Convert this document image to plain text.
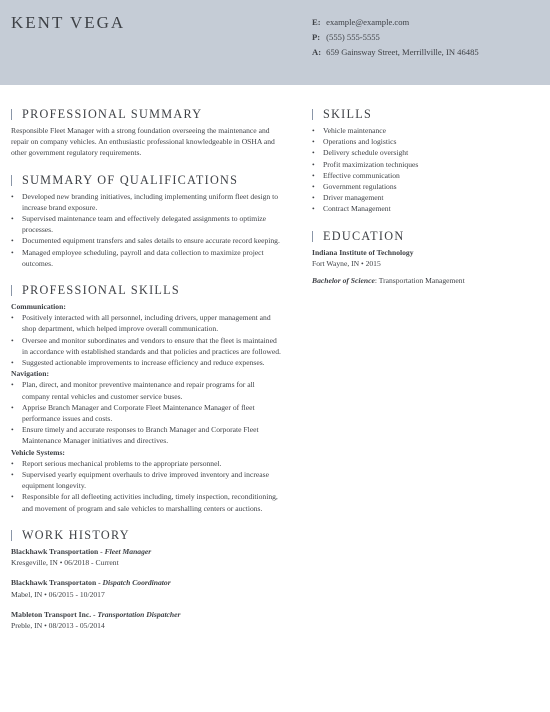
KENT VEGA	E: example@example.com
P: (555) 555-5555
A: 659 Gainsway Street, Merrillville, IN 46485
PROFESSIONAL SUMMARY

Responsible Fleet Manager with a strong foundation overseeing the maintenance and repair on company vehicles. An enthusiastic professional knowledgeable in OSHA and other government regulatory requirements.

SUMMARY OF QUALIFICATIONS
• Developed new branding initiatives, including implementing uniform fleet design to increase brand exposure.
• Supervised maintenance team and effectively delegated assignments to optimize processes.
• Documented equipment transfers and sales details to ensure accurate record keeping.
• Managed employee scheduling, payroll and data collection to maximize project outcomes.
PROFESSIONAL SKILLS
Communication:
• Positively interacted with all personnel, including drivers, upper management and shop department, which helped improve overall communication.
• Oversee and monitor subordinates and vendors to ensure that the fleet is maintained in accordance with established standards and that policies and practices are followed.
• Suggested actionable improvements to increase efficiency and reduce expenses.
Navigation:
• Plan, direct, and monitor preventive maintenance and repair programs for all company rental vehicles and customer service buses.
• Apprise Branch Manager and Corporate Fleet Maintenance Manager of fleet performance issues and costs.
• Ensure timely and accurate responses to Branch Manager and Corporate Fleet Maintenance Manager initiatives and directives.
Vehicle Systems:
• Report serious mechanical problems to the appropriate personnel.
• Supervised yearly equipment overhauls to drive improved inventory and increase equipment longevity.
• Responsible for all defleeting activities including, timely inspection, reconditioning, and movement of program and sale vehicles to marshalling centers or auctions.
WORK HISTORY
Blackhawk Transportation - Fleet Manager
Kresgeville, IN • 06/2018 - Current
Blackhawk Transportaton - Dispatch Coordinator
Mabel, IN • 06/2015 - 10/2017
Mableton Transport Inc. - Transportation Dispatcher
Preble, IN • 08/2013 - 05/2014
SKILLS
• Vehicle maintenance
• Operations and logistics
• Delivery schedule oversight
• Profit maximization techniques
• Effective communication
• Government regulations
• Driver management
• Contract Management
EDUCATION
Indiana Institute of Technology
Fort Wayne, IN • 2015
Bachelor of Science: Transportation Management
